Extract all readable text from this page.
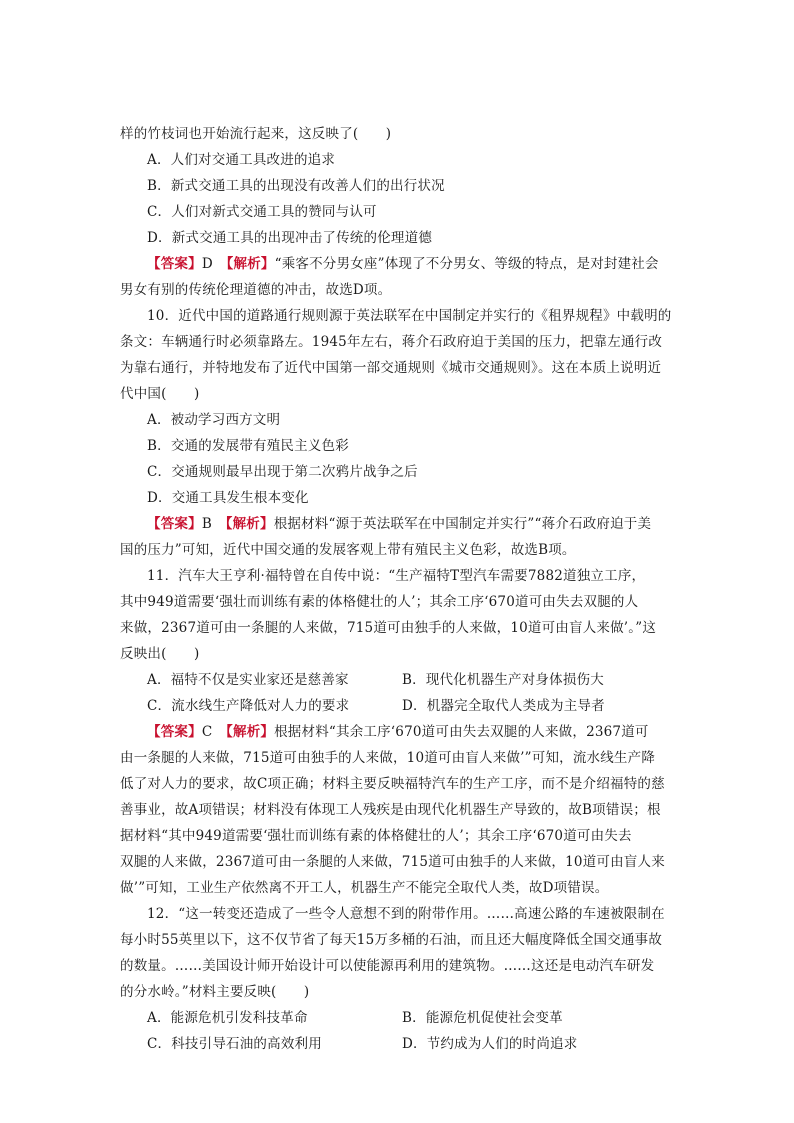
样的竹枝词也开始流行起来，这反映了(　　)
A．人们对交通工具改进的追求
B．新式交通工具的出现没有改善人们的出行状况
C．人们对新式交通工具的赞同与认可
D．新式交通工具的出现冲击了传统的伦理道德
【答案】D　 【解析】“乘客不分男女座”体现了不分男女、等级的特点，是对封建社会
男女有别的传统伦理道德的冲击，故选D项。
10．近代中国的道路通行规则源于英法联军在中国制定并实行的《租界规程》中载明的
条文：车辆通行时必须靠路左。1945年左右，蒋介石政府迫于美国的压力，把靠左通行改
为靠右通行，并特地发布了近代中国第一部交通规则《城市交通规则》。这在本质上说明近
代中国(　　)
A．被动学习西方文明
B．交通的发展带有殖民主义色彩
C．交通规则最早出现于第二次鸦片战争之后
D．交通工具发生根本变化
【答案】B　 【解析】根据材料“源于英法联军在中国制定并实行”“蒋介石政府迫于美
国的压力”可知，近代中国交通的发展客观上带有殖民主义色彩，故选B项。
11．汽车大王亨利·福特曾在自传中说：“生产福特T型汽车需要7882道独立工序，
其中949道需要‘强壮而训练有素的体格健壮的人’；其余工序‘670道可由失去双腿的人
来做，2367道可由一条腿的人来做，715道可由独手的人来做，10道可由盲人来做’。”这
反映出(　　)
A．福特不仅是实业家还是慈善家	B．现代化机器生产对身体损伤大
C．流水线生产降低对人力的要求	D．机器完全取代人类成为主导者
【答案】C　 【解析】根据材料“其余工序‘670道可由失去双腿的人来做，2367道可
由一条腿的人来做，715道可由独手的人来做，10道可由盲人来做’”可知，流水线生产降
低了对人力的要求，故C项正确；材料主要反映福特汽车的生产工序，而不是介绍福特的慈
善事业，故A项错误；材料没有体现工人残疾是由现代化机器生产导致的，故B项错误；根
据材料“其中949道需要‘强壮而训练有素的体格健壮的人’；其余工序‘670道可由失去
双腿的人来做，2367道可由一条腿的人来做，715道可由独手的人来做，10道可由盲人来
做’”可知，工业生产依然离不开工人，机器生产不能完全取代人类，故D项错误。
12．“这一转变还造成了一些令人意想不到的附带作用。……高速公路的车速被限制在
每小时55英里以下，这不仅节省了每天15万多桶的石油，而且还大幅度降低全国交通事故
的数量。……美国设计师开始设计可以使能源再利用的建筑物。……这还是电动汽车研发
的分水岭。”材料主要反映(　　)
A．能源危机引发科技革命	B．能源危机促使社会变革
C．科技引导石油的高效利用	D．节约成为人们的时尚追求
